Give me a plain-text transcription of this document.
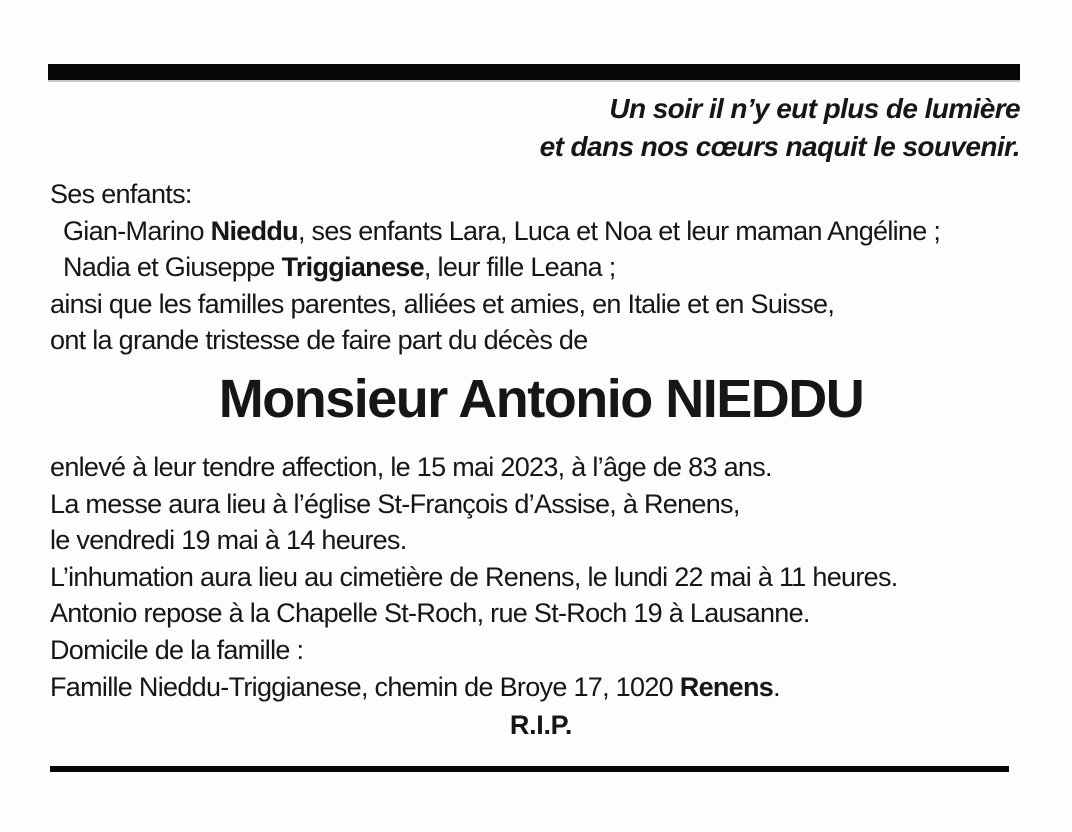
Un soir il n’y eut plus de lumière
et dans nos cœurs naquit le souvenir.
Ses enfants:
Gian-Marino Nieddu, ses enfants Lara, Luca et Noa et leur maman Angéline ;
Nadia et Giuseppe Triggianese, leur fille Leana ;
ainsi que les familles parentes, alliées et amies, en Italie et en Suisse,
ont la grande tristesse de faire part du décès de
Monsieur Antonio NIEDDU
enlevé à leur tendre affection, le 15 mai 2023, à l’âge de 83 ans.
La messe aura lieu à l’église St-François d’Assise, à Renens,
le vendredi 19 mai à 14 heures.
L’inhumation aura lieu au cimetière de Renens, le lundi 22 mai à 11 heures.
Antonio repose à la Chapelle St-Roch, rue St-Roch 19 à Lausanne.
Domicile de la famille :
Famille Nieddu-Triggianese, chemin de Broye 17, 1020 Renens.
R.I.P.
